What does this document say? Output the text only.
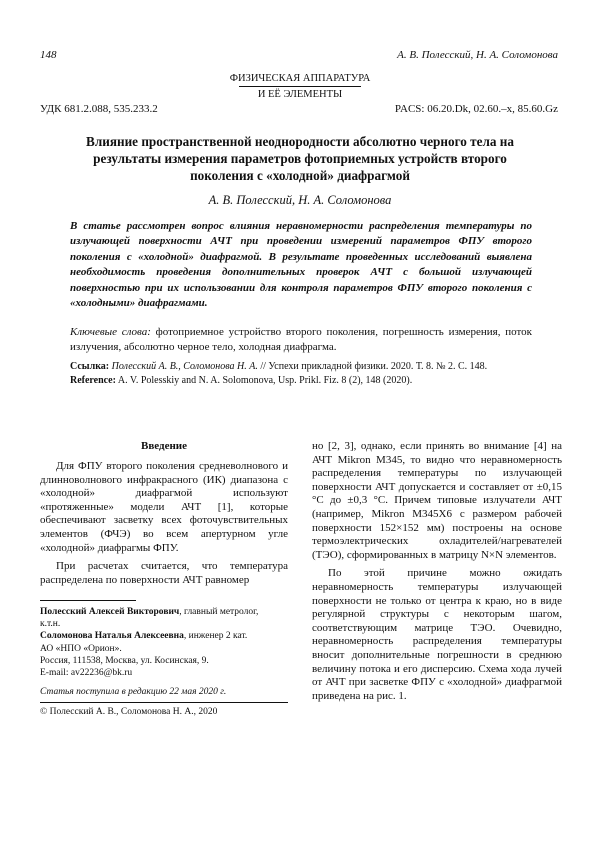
148	А. В. Полесский, Н. А. Соломонова
ФИЗИЧЕСКАЯ АППАРАТУРА
И ЕЁ ЭЛЕМЕНТЫ
УДК 681.2.088, 535.233.2	PACS: 06.20.Dk, 02.60.–x, 85.60.Gz
Влияние пространственной неоднородности абсолютно черного тела на результаты измерения параметров фотоприемных устройств второго поколения с «холодной» диафрагмой
А. В. Полесский, Н. А. Соломонова

В статье рассмотрен вопрос влияния неравномерности распределения температуры по излучающей поверхности АЧТ при проведении измерений параметров ФПУ второго поколения с «холодной» диафрагмой. В результате проведенных исследований выявлена необходимость проведения дополнительных проверок АЧТ с большой излучающей поверхностью при их использовании для контроля параметров ФПУ второго поколения с «холодными» диафрагмами.

Ключевые слова: фотоприемное устройство второго поколения, погрешность измерения, поток излучения, абсолютно черное тело, холодная диафрагма.

Ссылка: Полесский А. В., Соломонова Н. А. // Успехи прикладной физики. 2020. Т. 8. № 2. С. 148.

Reference: A. V. Polesskiy and N. A. Solomonova, Usp. Prikl. Fiz. 8 (2), 148 (2020).

Введение

Для ФПУ второго поколения средневолнового и длинноволнового инфракрасного (ИК) диапазона с «холодной» диафрагмой используют «протяженные» модели АЧТ [1], которые обеспечивают засветку всех фоточувствительных элементов (ФЧЭ) во всем апертурном угле «холодной» диафрагмы ФПУ.

При расчетах считается, что температура распределена по поверхности АЧТ равномер

но [2, 3], однако, если принять во внимание [4] на АЧТ Mikron M345, то видно что неравномерность распределения температуры по излучающей поверхности АЧТ допускается и составляет от ±0,15 °С до ±0,3 °С. Причем типовые излучатели АЧТ (например, Mikron M345X6 с размером рабочей поверхности 152×152 мм) построены на основе термоэлектрических охладителей/нагревателей (ТЭО), сформированных в матрицу N×N элементов.

По этой причине можно ожидать неравномерность температуры излучающей поверхности не только от центра к краю, но в виде регулярной структуры с некоторым шагом, соответствующим матрице ТЭО. Очевидно, неравномерность распределения температуры вносит дополнительные погрешности в среднюю величину потока и его дисперсию. Схема хода лучей от АЧТ при засветке ФПУ с «холодной» диафрагмой приведена на рис. 1.

Полесский Алексей Викторович, главный метролог,

к.т.н.

Соломонова Наталья Алексеевна, инженер 2 кат.

АО «НПО «Орион».

Россия, 111538, Москва, ул. Косинская, 9.

E-mail: av22236@bk.ru

Статья поступила в редакцию 22 мая 2020 г.
© Полесский А. В., Соломонова Н. А., 2020
